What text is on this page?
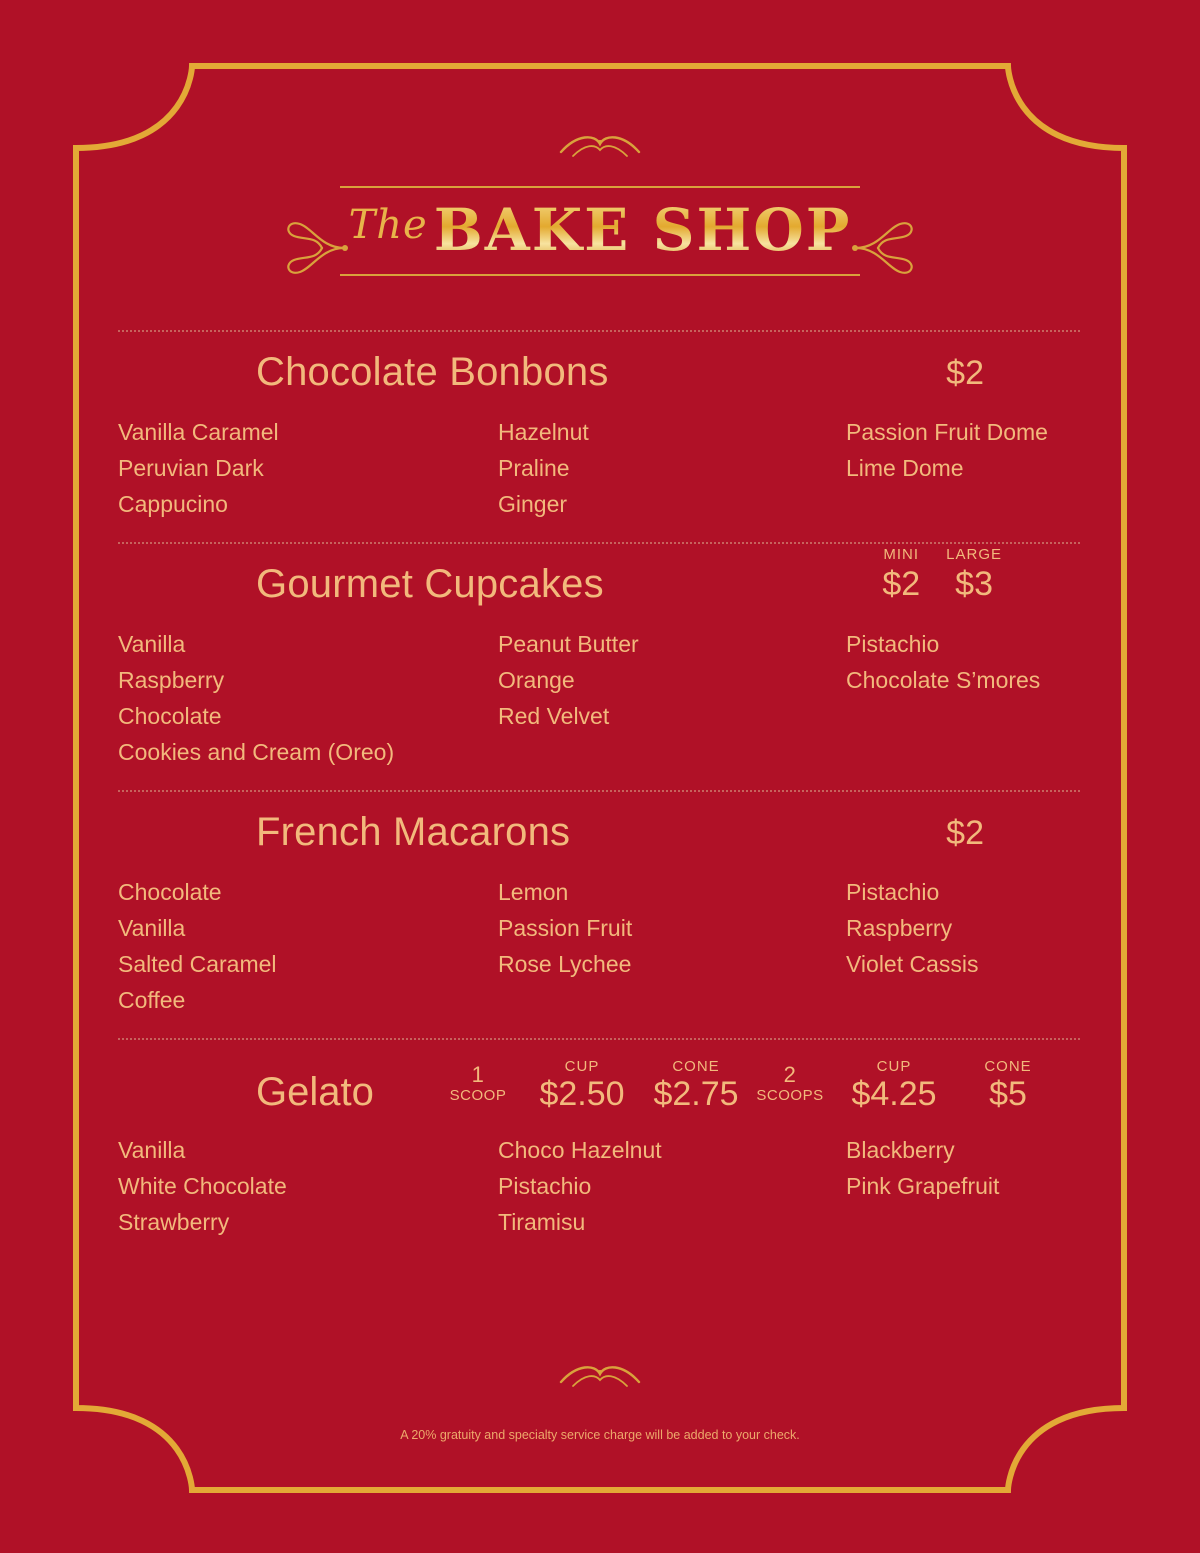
The BAKE SHOP
Chocolate Bonbons	$2
Vanilla Caramel
Peruvian Dark
Cappucino
Hazelnut
Praline
Ginger
Passion Fruit Dome
Lime Dome
Gourmet Cupcakes
MINI
$2
LARGE
$3
Vanilla
Raspberry
Chocolate
Cookies and Cream (Oreo)
Peanut Butter
Orange
Red Velvet
Pistachio
Chocolate S’mores
French Macarons	$2
Chocolate
Vanilla
Salted Caramel
Coffee
Lemon
Passion Fruit
Rose Lychee
Pistachio
Raspberry
Violet Cassis
Gelato	1
SCOOP
CUP
$2.50
CONE
$2.75
2
SCOOPS
CUP
$4.25
CONE
$5
Vanilla
White Chocolate
Strawberry
Choco Hazelnut
Pistachio
Tiramisu
Blackberry
Pink Grapefruit
A 20% gratuity and specialty service charge will be added to your check.
